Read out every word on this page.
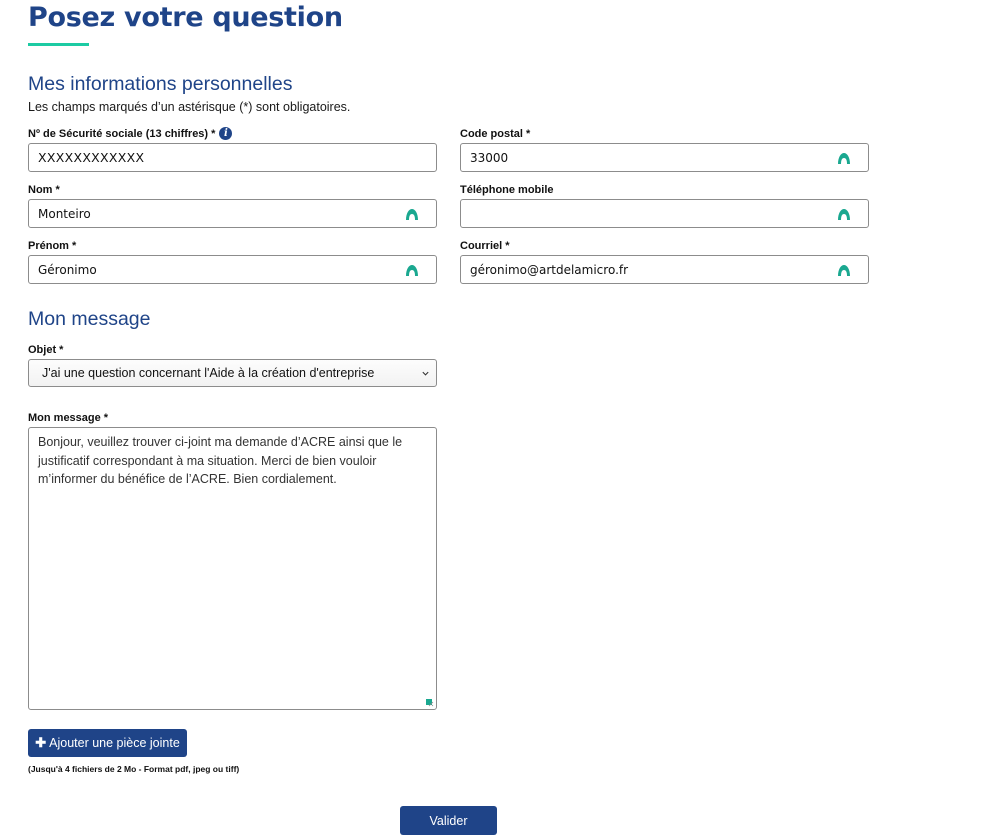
Posez votre question
Mes informations personnelles
Les champs marqués d’un astérisque (*) sont obligatoires.
Nº de Sécurité sociale (13 chiffres) * i
XXXXXXXXXXXX
Code postal *
33000
Nom *
Monteiro
Téléphone mobile
Prénom *
Géronimo
Courriel *
géronimo@artdelamicro.fr
Mon message
Objet *
J'ai une question concernant l'Aide à la création d'entreprise
Mon message *
Bonjour, veuillez trouver ci-joint ma demande d’ACRE ainsi que le justificatif correspondant à ma situation. Merci de bien vouloir m’informer du bénéfice de l’ACRE. Bien cordialement.
✚ Ajouter une pièce jointe
(Jusqu'à 4 fichiers de 2 Mo - Format pdf, jpeg ou tiff)
Valider
